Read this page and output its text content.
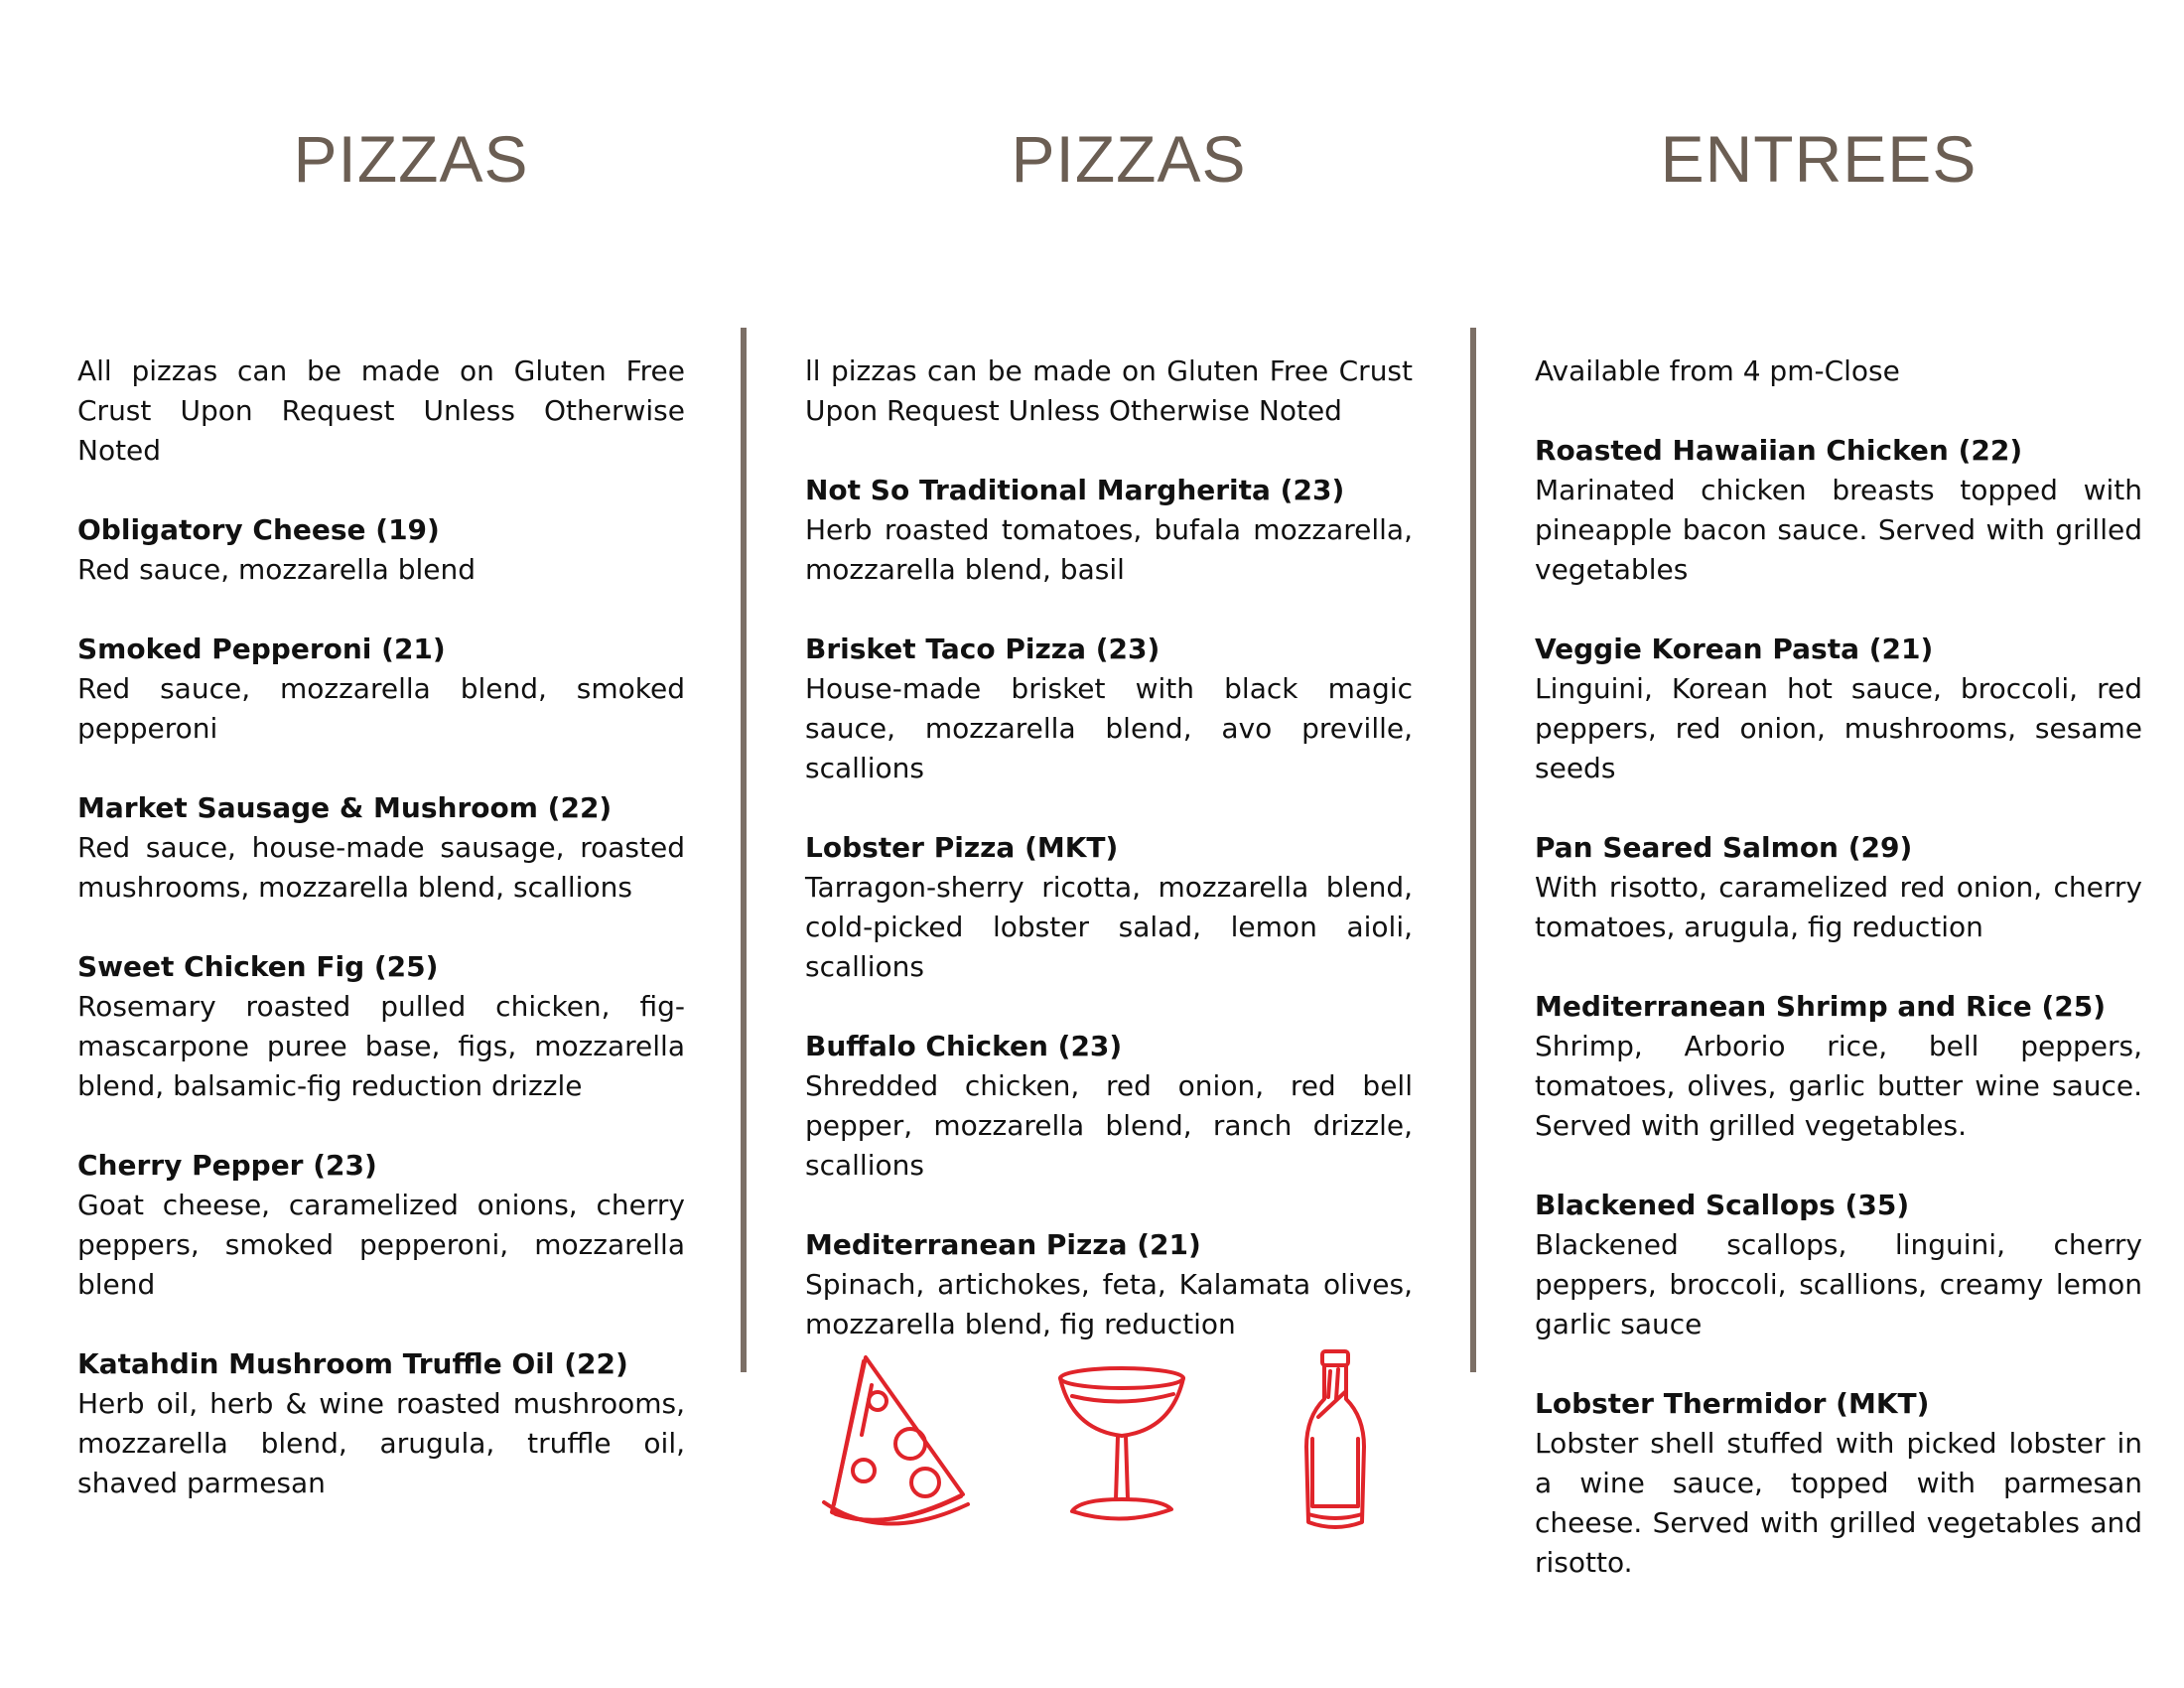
PIZZAS

All pizzas can be made on Gluten Free Crust Upon Request Unless Otherwise Noted

Obligatory Cheese (19)

Red sauce, mozzarella blend

Smoked Pepperoni (21)

Red sauce, mozzarella blend, smoked pepperoni

Market Sausage & Mushroom (22)

Red sauce, house-made sausage, roasted mushrooms, mozzarella blend, scallions

Sweet Chicken Fig (25)

Rosemary roasted pulled chicken, fig-mascarpone puree base, figs, mozzarella blend, balsamic-fig reduction drizzle

Cherry Pepper (23)

Goat cheese, caramelized onions, cherry peppers, smoked pepperoni, mozzarella blend

Katahdin Mushroom Truffle Oil (22)

Herb oil, herb & wine roasted mushrooms, mozzarella blend, arugula, truffle oil, shaved parmesan

PIZZAS

ll pizzas can be made on Gluten Free Crust Upon Request Unless Otherwise Noted

Not So Traditional Margherita (23)

Herb roasted tomatoes, bufala mozzarella, mozzarella blend, basil

Brisket Taco Pizza (23)

House-made brisket with black magic sauce, mozzarella blend, avo preville, scallions

Lobster Pizza (MKT)

Tarragon-sherry ricotta, mozzarella blend, cold-picked lobster salad, lemon aioli, scallions

Buffalo Chicken (23)

Shredded chicken, red onion, red bell pepper, mozzarella blend, ranch drizzle, scallions

Mediterranean Pizza (21)

Spinach, artichokes, feta, Kalamata olives, mozzarella blend, fig reduction

ENTREES

Available from 4 pm-Close

Roasted Hawaiian Chicken (22)

Marinated chicken breasts topped with pineapple bacon sauce. Served with grilled vegetables

Veggie Korean Pasta (21)

Linguini, Korean hot sauce, broccoli, red peppers, red onion, mushrooms, sesame seeds

Pan Seared Salmon (29)

With risotto, caramelized red onion, cherry tomatoes, arugula, fig reduction

Mediterranean Shrimp and Rice (25)

Shrimp, Arborio rice, bell peppers, tomatoes, olives, garlic butter wine sauce. Served with grilled vegetables.

Blackened Scallops (35)

Blackened scallops, linguini, cherry peppers, broccoli, scallions, creamy lemon garlic sauce

Lobster Thermidor (MKT)

Lobster shell stuffed with picked lobster in a wine sauce, topped with parmesan cheese. Served with grilled vegetables and risotto.
